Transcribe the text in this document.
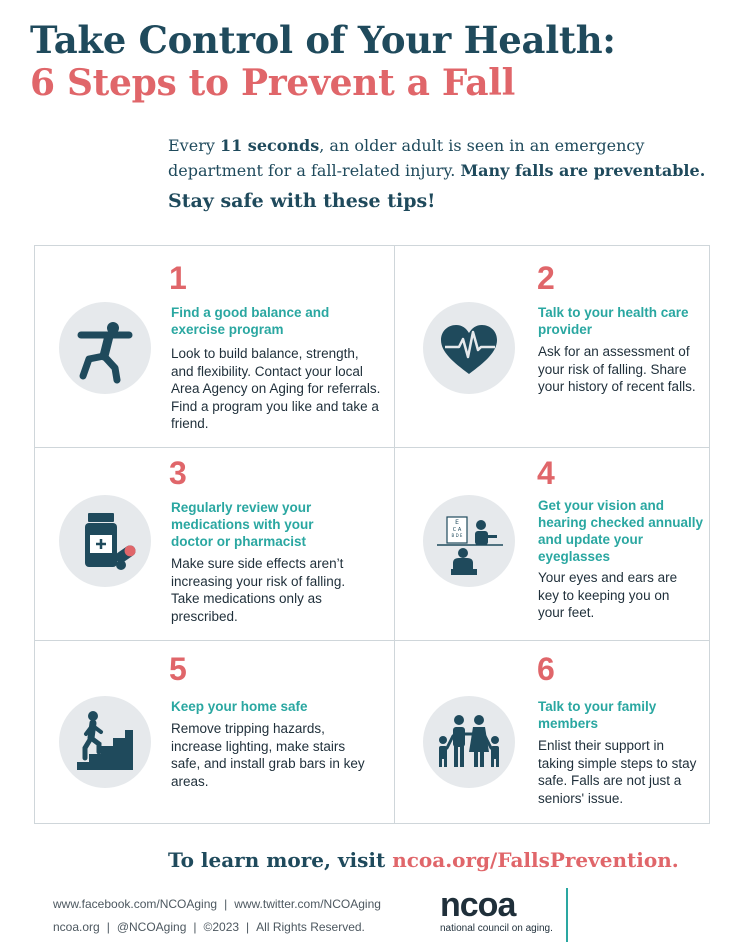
Take Control of Your Health:
6 Steps to Prevent a Fall
Every 11 seconds, an older adult is seen in an emergency department for a fall-related injury. Many falls are preventable.
Stay safe with these tips!
1
Find a good balance and exercise program
Look to build balance, strength, and flexibility. Contact your local Area Agency on Aging for referrals. Find a program you like and take a friend.
2
Talk to your health care provider
Ask for an assessment of your risk of falling. Share your history of recent falls.
3
Regularly review your medications with your doctor or pharmacist
Make sure side effects aren’t increasing your risk of falling. Take medications only as prescribed.
E
C A
B D E
4
Get your vision and hearing checked annually and update your eyeglasses
Your eyes and ears are key to keeping you on your feet.
5
Keep your home safe
Remove tripping hazards, increase lighting, make stairs safe, and install grab bars in key areas.
6
Talk to your family members
Enlist their support in taking simple steps to stay safe. Falls are not just a seniors' issue.
To learn more, visit ncoa.org/FallsPrevention.
www.facebook.com/NCOAging | www.twitter.com/NCOAging
ncoa.org | @NCOAging | ©2023 | All Rights Reserved.
ncoa
national council on aging.
